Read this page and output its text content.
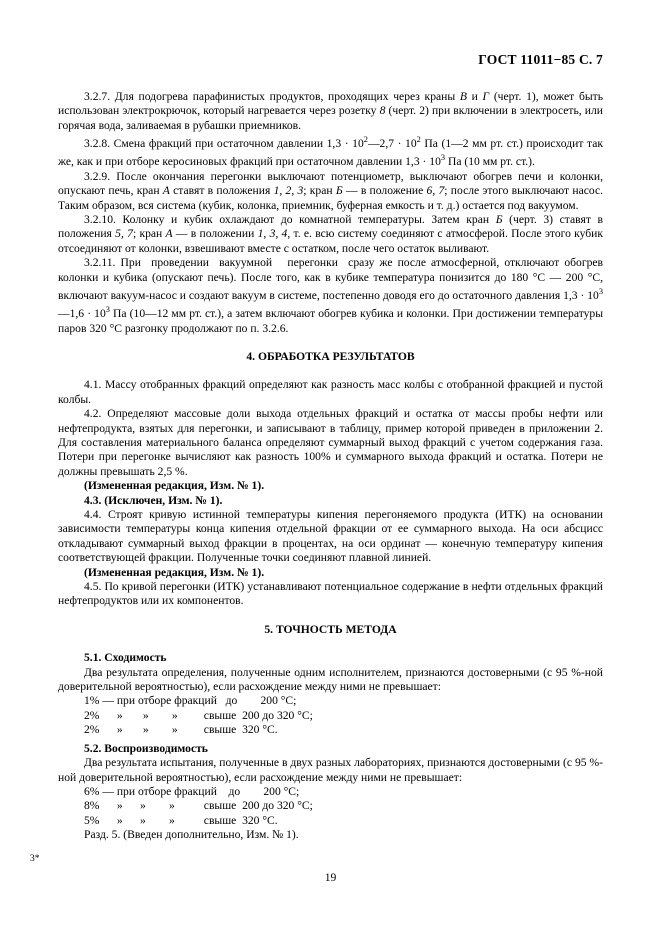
ГОСТ 11011−85 С. 7

3.2.7. Для подогрева парафинистых продуктов, проходящих через краны В и Г (черт. 1), может быть использован электрокрючок, который нагревается через розетку 8 (черт. 2) при включении в электросеть, или горячая вода, заливаемая в рубашки приемников.

3.2.8. Смена фракций при остаточном давлении $1,3 \cdot 10^2—2,7 \cdot 10^2$ Па (1—2 мм рт. ст.) происходит так же, как и при отборе керосиновых фракций при остаточном давлении $1,3 \cdot 10^3$ Па (10 мм рт. ст.).

3.2.9. После окончания перегонки выключают потенциометр, выключают обогрев печи и колонки, опускают печь, кран А ставят в положения 1, 2, 3; кран Б — в положение 6, 7; после этого выключают насос. Таким образом, вся система (кубик, колонка, приемник, буферная емкость и т. д.) остается под вакуумом.

3.2.10. Колонку и кубик охлаждают до комнатной температуры. Затем кран Б (черт. 3) ставят в положения 5, 7; кран А — в положении 1, 3, 4, т. е. всю систему соединяют с атмосферой. После этого кубик отсоединяют от колонки, взвешивают вместе с остатком, после чего остаток выливают.

3.2.11. При  проведении  вакуумной   перегонки  сразу же после атмосферной, отключают обогрев колонки и кубика (опускают печь). После того, как в кубике температура понизится до 180 °С — 200 °С, включают вакуум-насос и создают вакуум в системе, постепенно доводя его до остаточного давления $1,3 \cdot 10^3—1,6 \cdot 10^3$ Па (10—12 мм рт. ст.), а затем включают обогрев кубика и колонки. При достижении температуры паров 320 °С разгонку продолжают по п. 3.2.6.

4. ОБРАБОТКА РЕЗУЛЬТАТОВ

4.1. Массу отобранных фракций определяют как разность масс колбы с отобранной фракцией и пустой колбы.

4.2. Определяют массовые доли выхода отдельных фракций и остатка от массы пробы нефти или нефтепродукта, взятых для перегонки, и записывают в таблицу, пример которой приведен в приложении 2. Для составления материального баланса определяют суммарный выход фракций с учетом содержания газа. Потери при перегонке вычисляют как разность 100% и суммарного выхода фракций и остатка. Потери не должны превышать 2,5 %.

(Измененная редакция, Изм. № 1).

4.3. (Исключен, Изм. № 1).

4.4. Строят кривую истинной температуры кипения перегоняемого продукта (ИТК) на основании зависимости температуры конца кипения отдельной фракции от ее суммарного выхода. На оси абсцисс откладывают суммарный выход фракции в процентах, на оси ординат — конечную температуру кипения соответствующей фракции. Полученные точки соединяют плавной линией.

(Измененная редакция, Изм. № 1).

4.5. По кривой перегонки (ИТК) устанавливают потенциальное содержание в нефти отдельных фракций нефтепродуктов или их компонентов.

5. ТОЧНОСТЬ МЕТОДА

5.1. Сходимость

Два результата определения, полученные одним исполнителем, признаются достоверными (с 95 %-ной доверительной вероятностью), если расхождение между ними не превышает:

1% — при отборе фракций   до        200 °С;
2%      »       »        »         свыше  200 до 320 °С;
2%      »       »        »         свыше  320 °С.

5.2. Воспроизводимость

Два результата испытания, полученные в двух разных лабораториях, признаются достоверными (с 95 %-ной доверительной вероятностью), если расхождение между ними не превышает:

6% — при отборе фракций    до        200 °С;
8%      »      »        »          свыше  200 до 320 °С;
5%      »      »        »          свыше  320 °С.

Разд. 5. (Введен дополнительно, Изм. № 1).

3*
19
